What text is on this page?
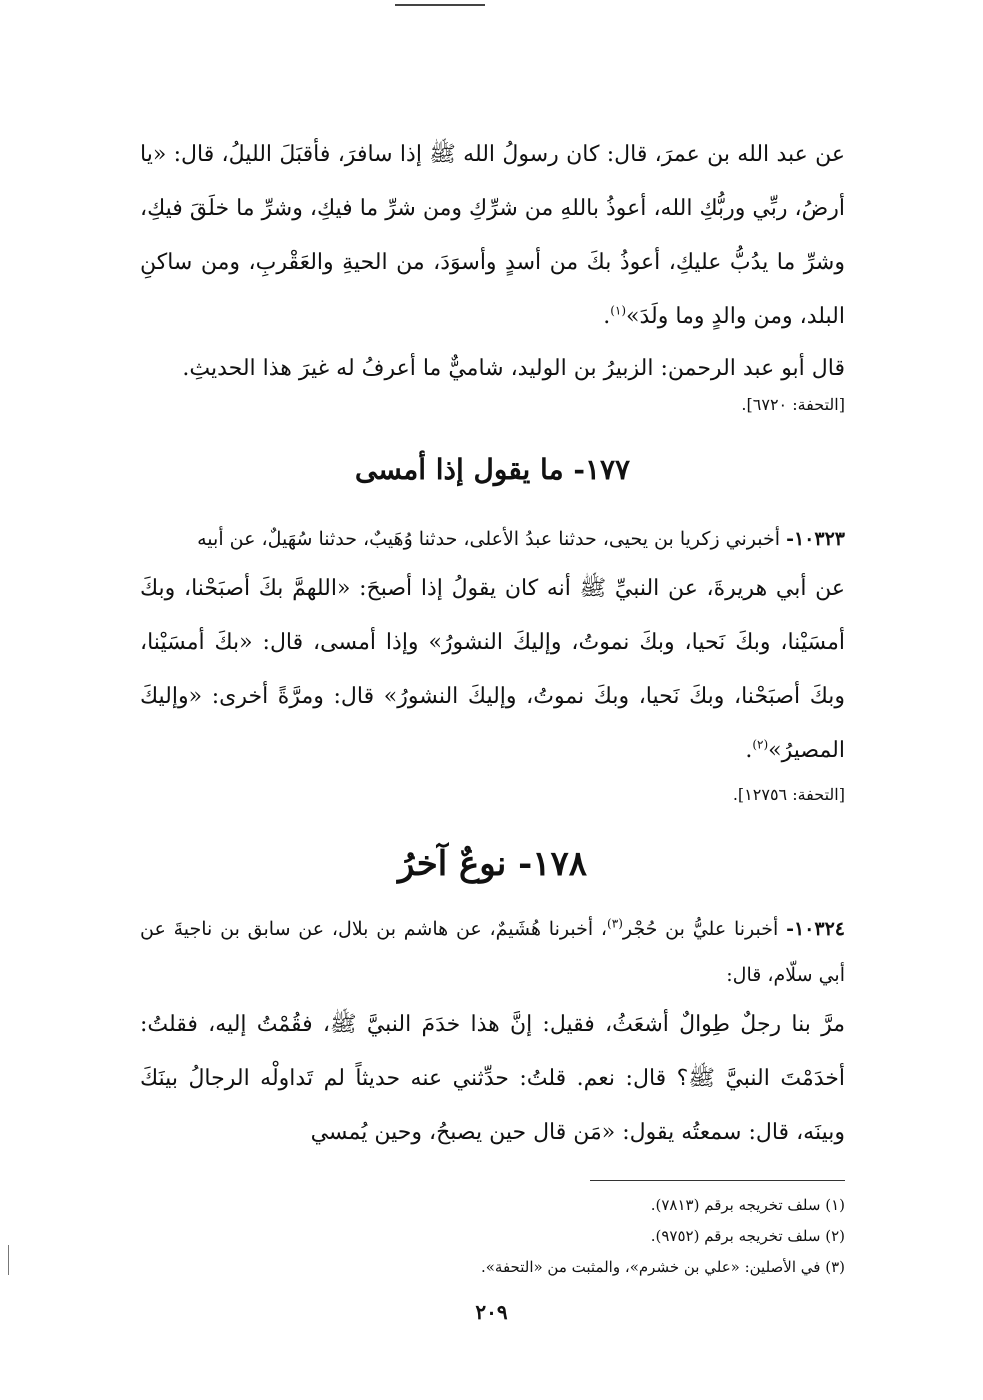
عن عبد الله بن عمرَ، قال: كان رسولُ الله ﷺ إذا سافرَ، فأقبَلَ الليلُ، قال: «يا أرضُ، ربِّي وربُّكِ الله، أعوذُ باللهِ من شرِّكِ ومن شرِّ ما فيكِ، وشرِّ ما خلَقَ فيكِ، وشرِّ ما يدُبُّ عليكِ، أعوذُ بكَ من أسدٍ وأسوَدَ، من الحيةِ والعَقْربِ، ومن ساكنِ البلد، ومن والدٍ وما ولَدَ»$^{(١)}$.

قال أبو عبد الرحمن: الزبيرُ بن الوليد، شاميٌّ ما أعرفُ له غيرَ هذا الحديثِ.

[التحفة: ٦٧٢٠].

١٧٧- ما يقول إذا أمسى

١٠٣٢٣- أخبرني زكريا بن يحيى، حدثنا عبدُ الأعلى، حدثنا وُهَيبٌ، حدثنا سُهَيلٌ، عن أبيه

عن أبي هريرةَ، عن النبيِّ ﷺ أنه كان يقولُ إذا أصبحَ: «اللهمَّ بكَ أصبَحْنا، وبكَ أمسَيْنا، وبكَ نَحيا، وبكَ نموتُ، وإليكَ النشورُ» وإذا أمسى، قال: «بكَ أمسَيْنا، وبكَ أصبَحْنا، وبكَ نَحيا، وبكَ نموتُ، وإليكَ النشورُ» قال: ومرَّةً أخرى: «وإليكَ المصيرُ»$^{(٢)}$.

[التحفة: ١٢٧٥٦].

١٧٨- نوعٌ آخرُ

١٠٣٢٤- أخبرنا عليُّ بن حُجْر$^{(٣)}$، أخبرنا هُشَيمٌ، عن هاشم بن بلال، عن سابق بن ناجيةَ عن أبي سلّام، قال:

مرَّ بنا رجلٌ طِوالٌ أشعَثُ، فقيل: إنَّ هذا خدَمَ النبيَّ ﷺ، فقُمْتُ إليه، فقلتُ: أخدَمْتَ النبيَّ ﷺ؟ قال: نعم. قلتُ: حدِّثني عنه حديثاً لم تَداولْه الرجالُ بينَكَ وبينَه، قال: سمعتُه يقول: «مَن قال حين يصبحُ، وحين يُمسي

(١) سلف تخريجه برقم (٧٨١٣).

(٢) سلف تخريجه برقم (٩٧٥٢).

(٣) في الأصلين: «علي بن خشرم»، والمثبت من «التحفة».

٢٠٩
